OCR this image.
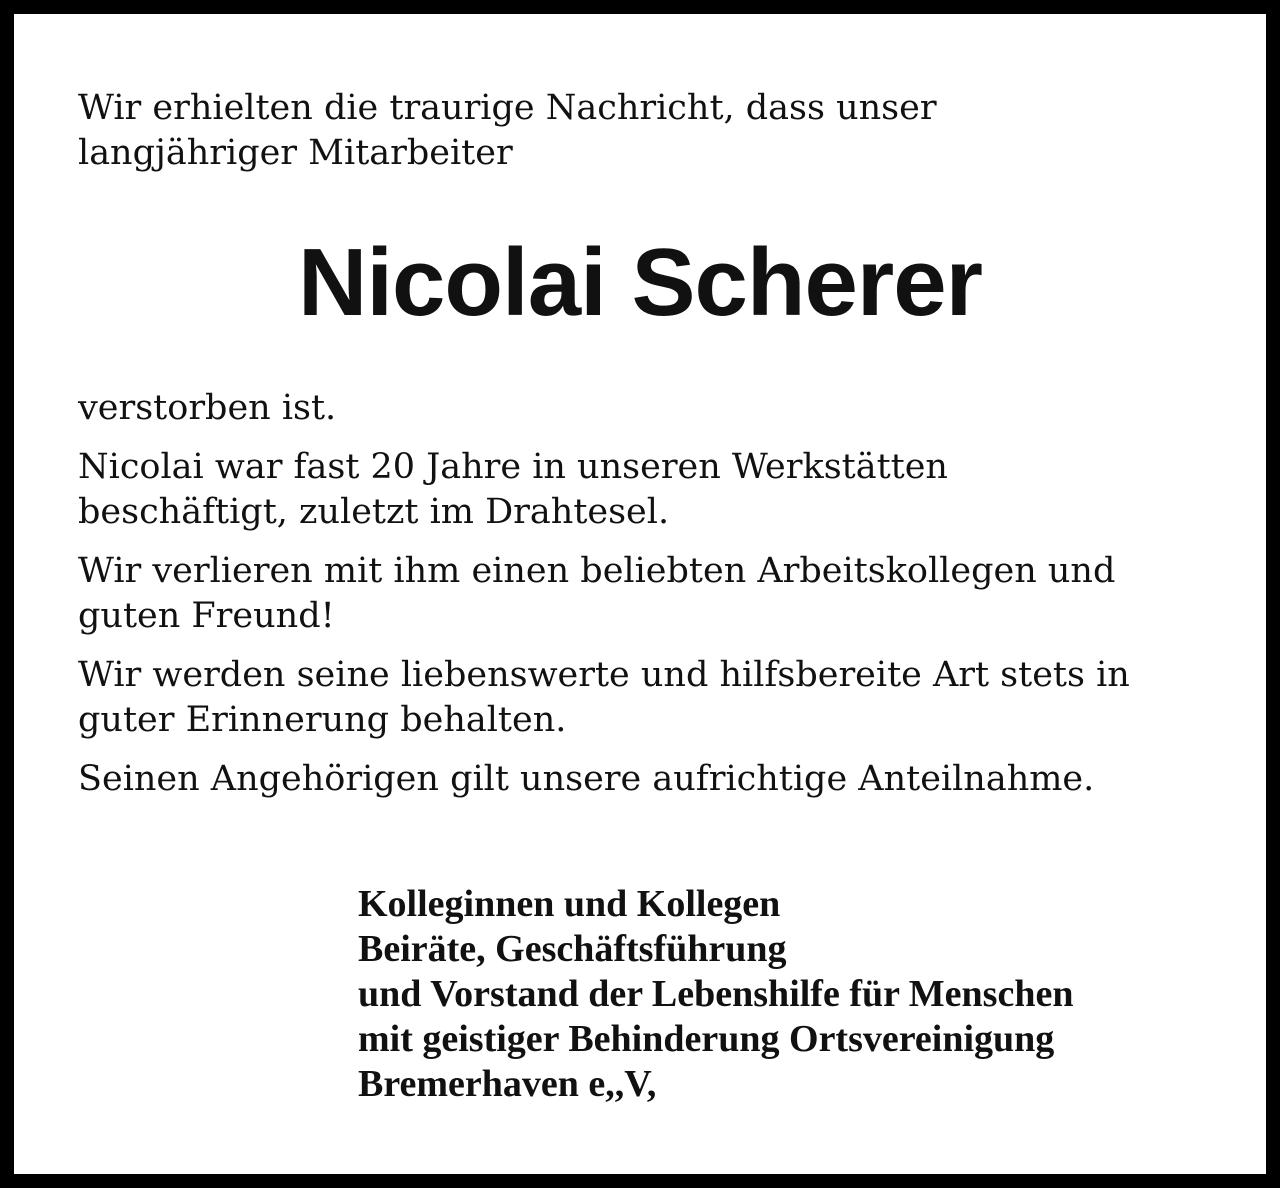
Wir erhielten die traurige Nachricht, dass unser
langjähriger Mitarbeiter
Nicolai Scherer

verstorben ist.

Nicolai war fast 20 Jahre in unseren Werkstätten
beschäftigt, zuletzt im Drahtesel.

Wir verlieren mit ihm einen beliebten Arbeitskollegen und
guten Freund!

Wir werden seine liebenswerte und hilfsbereite Art stets in
guter Erinnerung behalten.

Seinen Angehörigen gilt unsere aufrichtige Anteilnahme.

Kolleginnen und Kollegen
Beiräte, Geschäftsführung
und Vorstand der Lebenshilfe für Menschen
mit geistiger Behinderung Ortsvereinigung
Bremerhaven e,,V,
